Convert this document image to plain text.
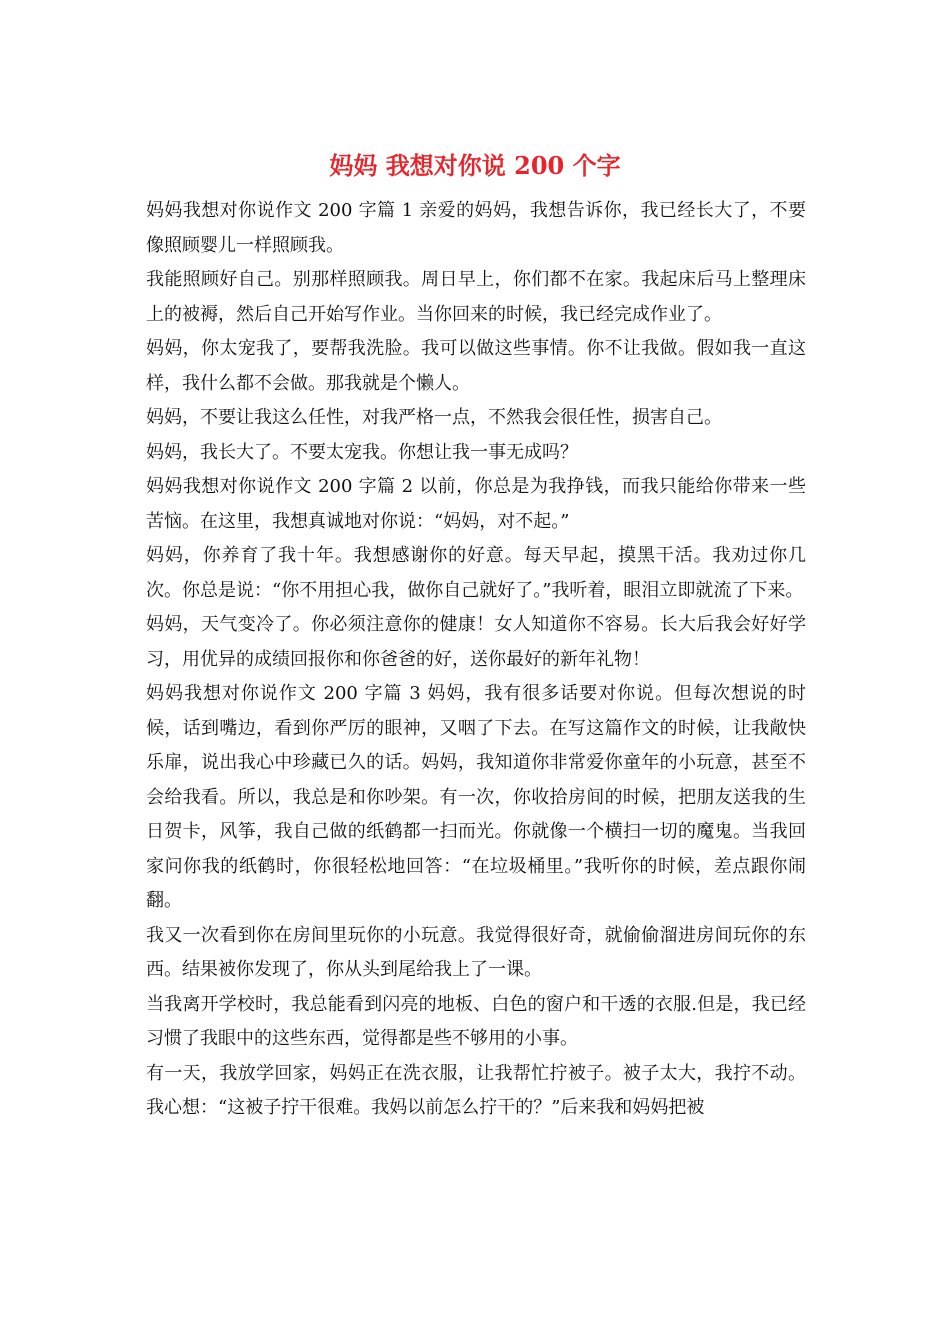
妈妈 我想对你说 200 个字

妈妈我想对你说作文 200 字篇 1 亲爱的妈妈，我想告诉你，我已经长大了，不要像照顾婴儿一样照顾我。

我能照顾好自己。别那样照顾我。周日早上，你们都不在家。我起床后马上整理床上的被褥，然后自己开始写作业。当你回来的时候，我已经完成作业了。

妈妈，你太宠我了，要帮我洗脸。我可以做这些事情。你不让我做。假如我一直这样，我什么都不会做。那我就是个懒人。

妈妈，不要让我这么任性，对我严格一点，不然我会很任性，损害自己。

妈妈，我长大了。不要太宠我。你想让我一事无成吗？

妈妈我想对你说作文 200 字篇 2 以前，你总是为我挣钱，而我只能给你带来一些苦恼。在这里，我想真诚地对你说：“妈妈，对不起。”

妈妈，你养育了我十年。我想感谢你的好意。每天早起，摸黑干活。我劝过你几次。你总是说：“你不用担心我，做你自己就好了。”我听着，眼泪立即就流了下来。

妈妈，天气变冷了。你必须注意你的健康！女人知道你不容易。长大后我会好好学习，用优异的成绩回报你和你爸爸的好，送你最好的新年礼物！

妈妈我想对你说作文 200 字篇 3 妈妈，我有很多话要对你说。但每次想说的时候，话到嘴边，看到你严厉的眼神，又咽了下去。在写这篇作文的时候，让我敞快乐扉，说出我心中珍藏已久的话。妈妈，我知道你非常爱你童年的小玩意，甚至不会给我看。所以，我总是和你吵架。有一次，你收拾房间的时候，把朋友送我的生日贺卡，风筝，我自己做的纸鹤都一扫而光。你就像一个横扫一切的魔鬼。当我回家问你我的纸鹤时，你很轻松地回答：“在垃圾桶里。”我听你的时候，差点跟你闹翻。

我又一次看到你在房间里玩你的小玩意。我觉得很好奇，就偷偷溜进房间玩你的东西。结果被你发现了，你从头到尾给我上了一课。

当我离开学校时，我总能看到闪亮的地板、白色的窗户和干透的衣服.但是，我已经习惯了我眼中的这些东西，觉得都是些不够用的小事。

有一天，我放学回家，妈妈正在洗衣服，让我帮忙拧被子。被子太大，我拧不动。我心想：“这被子拧干很难。我妈以前怎么拧干的？”后来我和妈妈把被
